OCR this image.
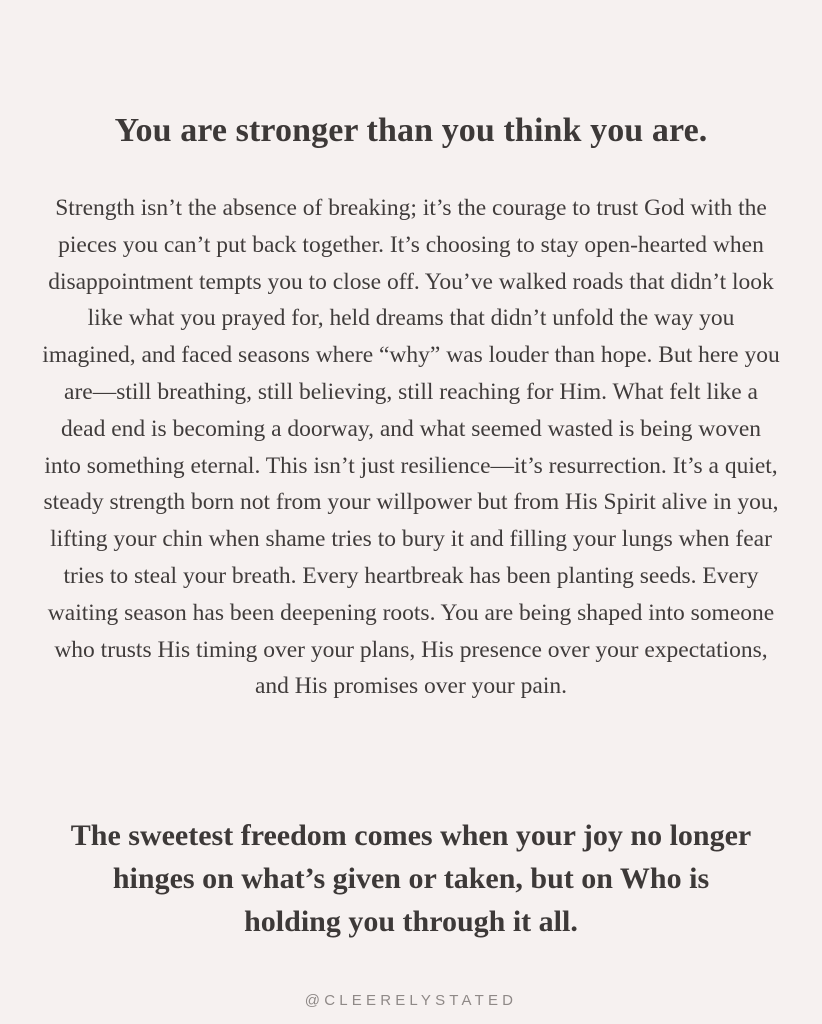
You are stronger than you think you are.

Strength isn’t the absence of breaking; it’s the courage to trust God with the pieces you can’t put back together. It’s choosing to stay open-hearted when disappointment tempts you to close off. You’ve walked roads that didn’t look like what you prayed for, held dreams that didn’t unfold the way you imagined, and faced seasons where “why” was louder than hope. But here you are—still breathing, still believing, still reaching for Him. What felt like a dead end is becoming a doorway, and what seemed wasted is being woven into something eternal. This isn’t just resilience—it’s resurrection. It’s a quiet, steady strength born not from your willpower but from His Spirit alive in you, lifting your chin when shame tries to bury it and filling your lungs when fear tries to steal your breath. Every heartbreak has been planting seeds. Every waiting season has been deepening roots. You are being shaped into someone who trusts His timing over your plans, His presence over your expectations, and His promises over your pain.

The sweetest freedom comes when your joy no longer hinges on what’s given or taken, but on Who is holding you through it all.

@CLEERELYSTATED
